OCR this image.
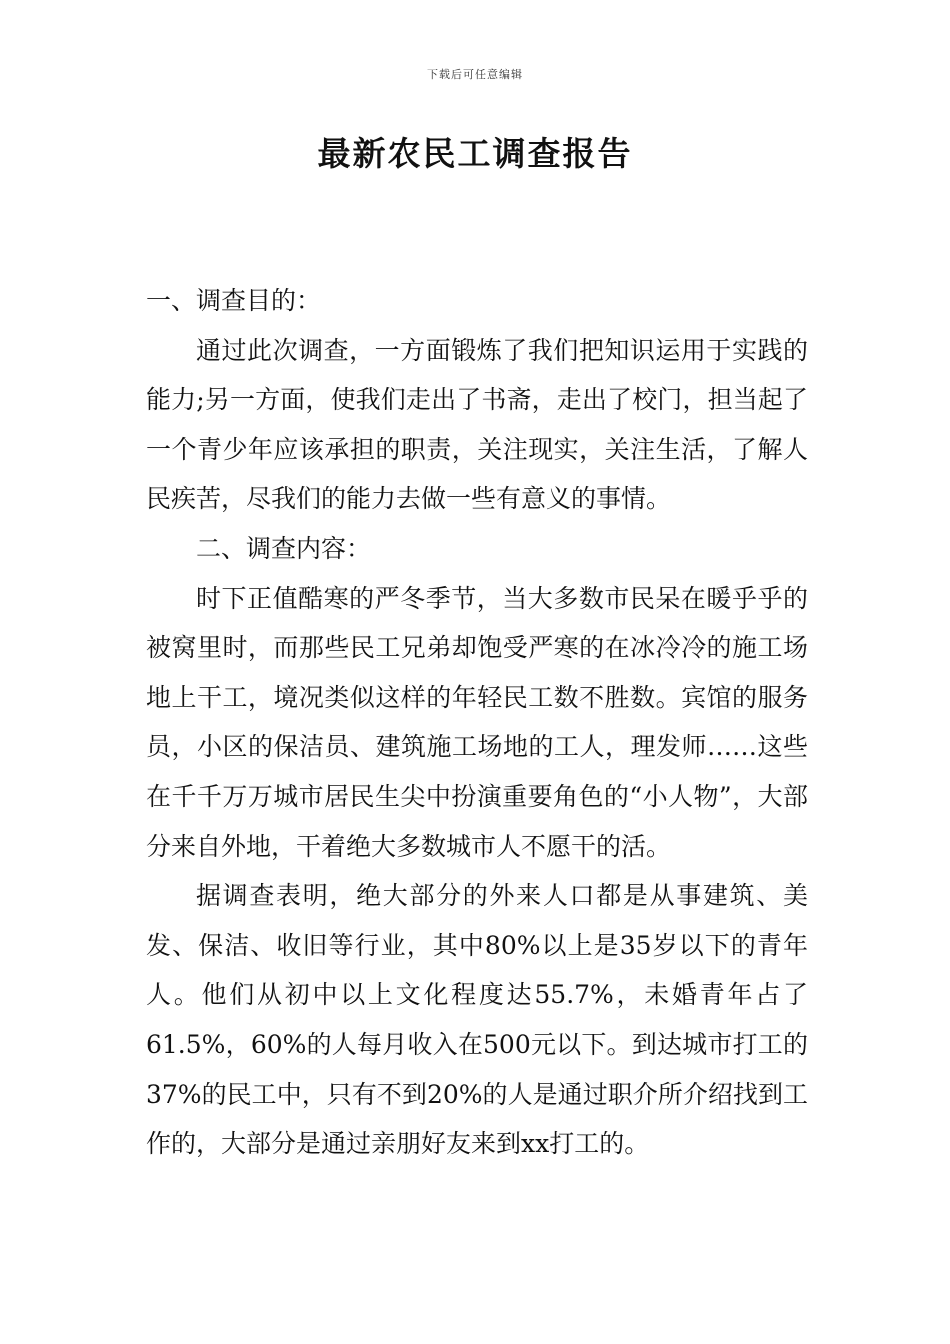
下载后可任意编辑
最新农民工调查报告

一、调查目的：

通过此次调查，一方面锻炼了我们把知识运用于实践的能力;另一方面，使我们走出了书斋，走出了校门，担当起了一个青少年应该承担的职责，关注现实，关注生活，了解人民疾苦，尽我们的能力去做一些有意义的事情。

二、调查内容：

时下正值酷寒的严冬季节，当大多数市民呆在暖乎乎的被窝里时，而那些民工兄弟却饱受严寒的在冰冷冷的施工场地上干工，境况类似这样的年轻民工数不胜数。宾馆的服务员，小区的保洁员、建筑施工场地的工人，理发师……这些在千千万万城市居民生尖中扮演重要角色的“小人物”，大部分来自外地，干着绝大多数城市人不愿干的活。

据调查表明，绝大部分的外来人口都是从事建筑、美发、保洁、收旧等行业，其中80%以上是35岁以下的青年人。他们从初中以上文化程度达55.7%，未婚青年占了61.5%，60%的人每月收入在500元以下。到达城市打工的37%的民工中，只有不到20%的人是通过职介所介绍找到工作的，大部分是通过亲朋好友来到xx打工的。
